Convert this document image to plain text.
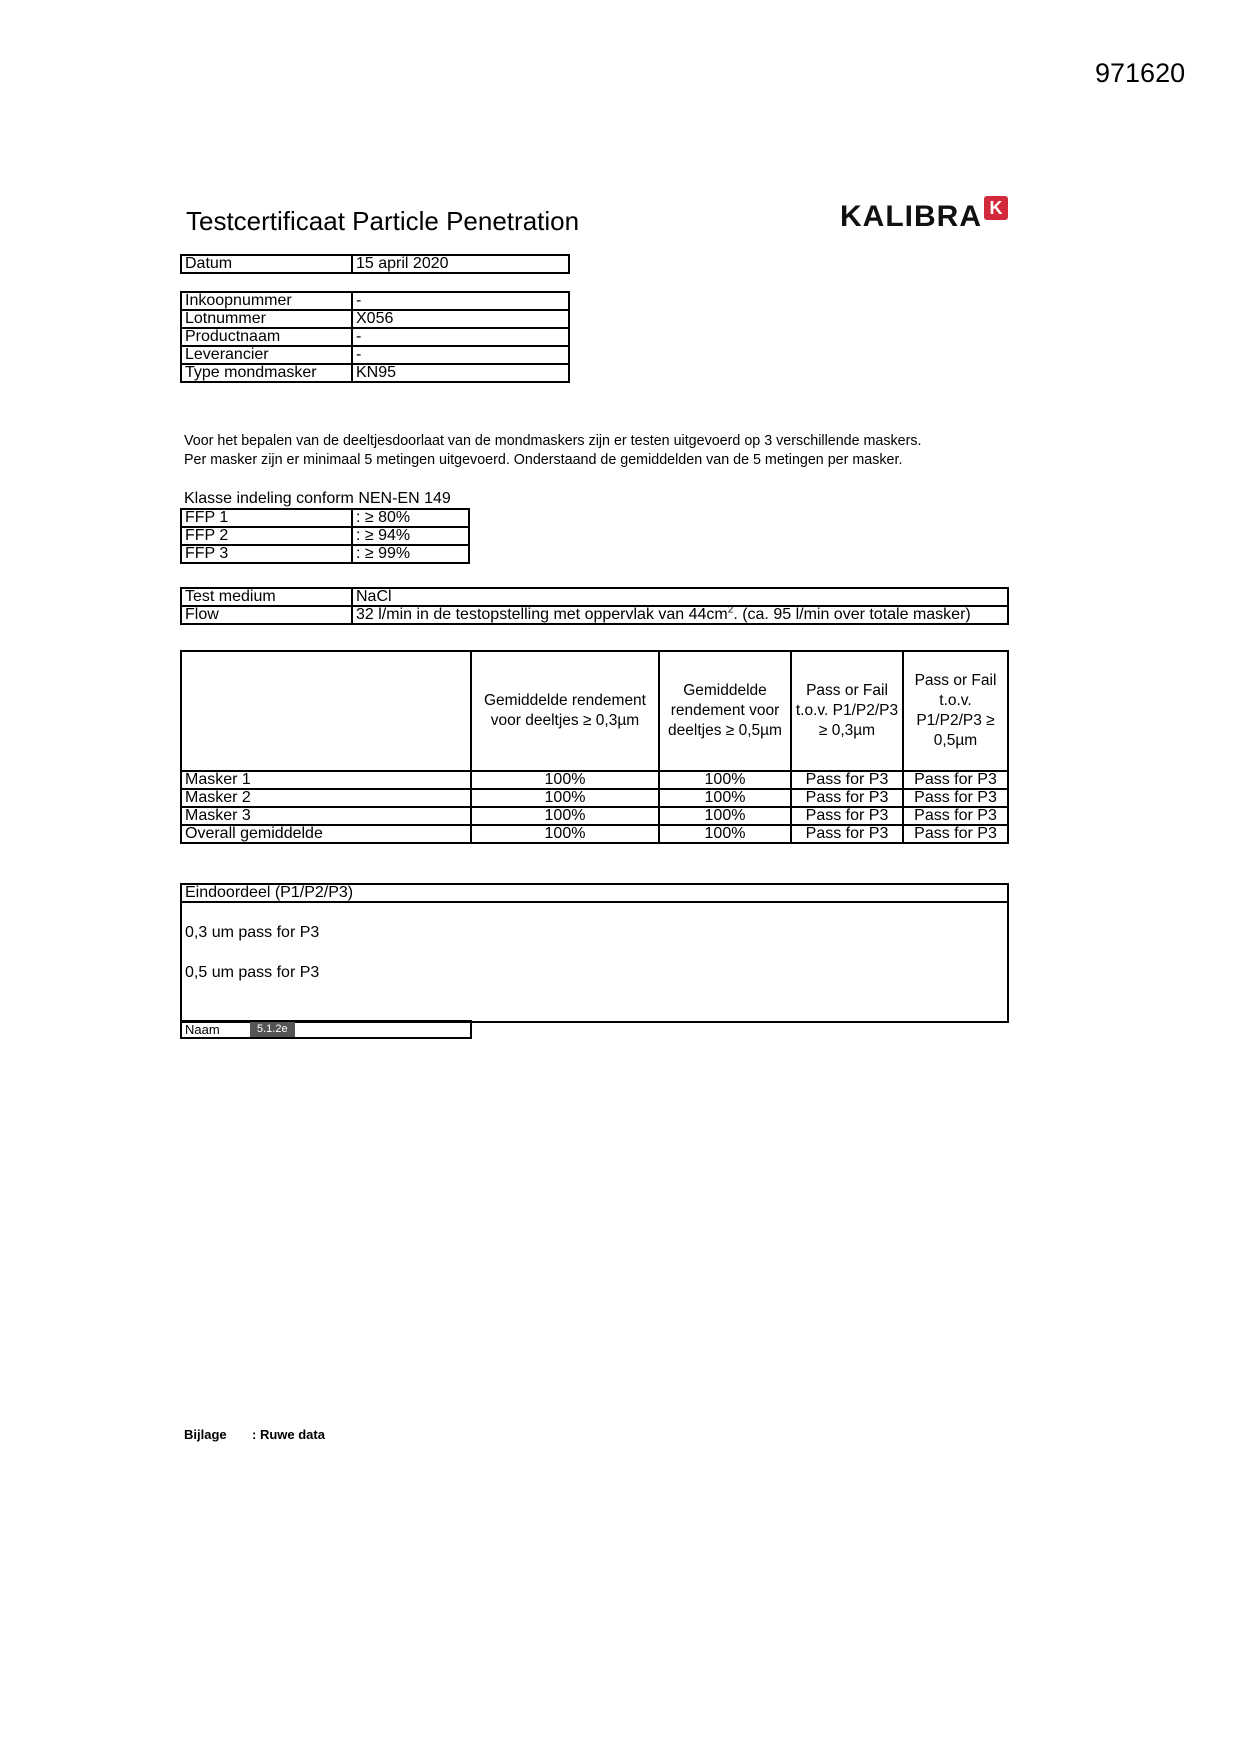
971620
Testcertificaat Particle Penetration	KALIBRA K
Datum	15 april 2020
Inkoopnummer	-
Lotnummer	X056
Productnaam	-
Leverancier	-
Type mondmasker	KN95
Voor het bepalen van de deeltjesdoorlaat van de mondmaskers zijn er testen uitgevoerd op 3 verschillende maskers.
Per masker zijn er minimaal 5 metingen uitgevoerd. Onderstaand de gemiddelden van de 5 metingen per masker.
Klasse indeling conform NEN-EN 149
FFP 1	: ≥ 80%
FFP 2	: ≥ 94%
FFP 3	: ≥ 99%
Test medium	NaCl
Flow	32 l/min in de testopstelling met oppervlak van $44cm^2$. (ca. 95 l/min over totale masker)
	Gemiddelde rendement voor deeltjes ≥ 0,3µm	Gemiddelde rendement voor deeltjes ≥ 0,5µm	Pass or Fail t.o.v. P1/P2/P3 ≥ 0,3µm	Pass or Fail t.o.v. P1/P2/P3 ≥ 0,5µm
Masker 1	100%	100%	Pass for P3	Pass for P3
Masker 2	100%	100%	Pass for P3	Pass for P3
Masker 3	100%	100%	Pass for P3	Pass for P3
Overall gemiddelde	100%	100%	Pass for P3	Pass for P3
Eindoordeel (P1/P2/P3)

0,3 um pass for P3
0,5 um pass for P3
Naam	5.1.2e
Bijlage : Ruwe data
